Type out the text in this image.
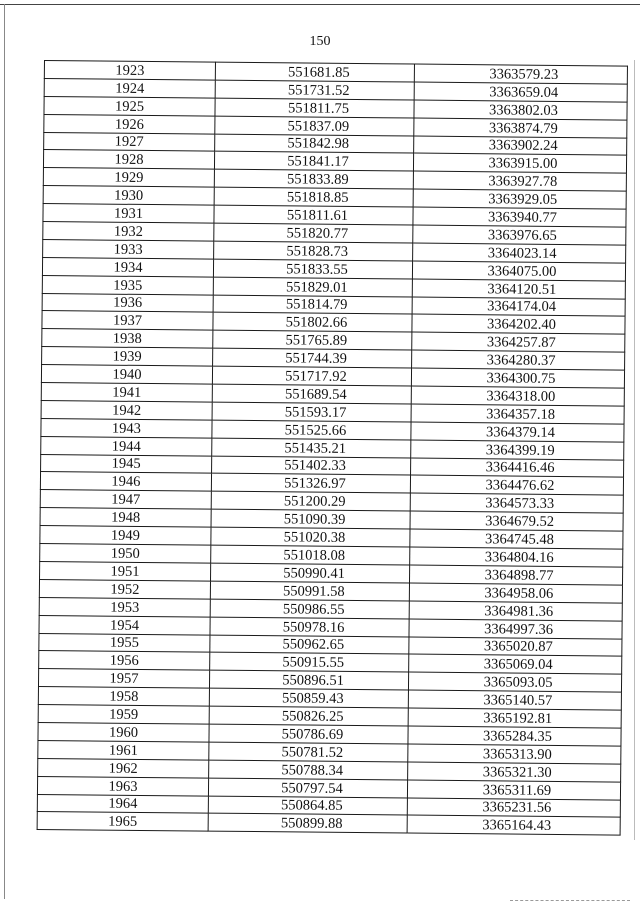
150
1923	551681.85	3363579.23
1924	551731.52	3363659.04
1925	551811.75	3363802.03
1926	551837.09	3363874.79
1927	551842.98	3363902.24
1928	551841.17	3363915.00
1929	551833.89	3363927.78
1930	551818.85	3363929.05
1931	551811.61	3363940.77
1932	551820.77	3363976.65
1933	551828.73	3364023.14
1934	551833.55	3364075.00
1935	551829.01	3364120.51
1936	551814.79	3364174.04
1937	551802.66	3364202.40
1938	551765.89	3364257.87
1939	551744.39	3364280.37
1940	551717.92	3364300.75
1941	551689.54	3364318.00
1942	551593.17	3364357.18
1943	551525.66	3364379.14
1944	551435.21	3364399.19
1945	551402.33	3364416.46
1946	551326.97	3364476.62
1947	551200.29	3364573.33
1948	551090.39	3364679.52
1949	551020.38	3364745.48
1950	551018.08	3364804.16
1951	550990.41	3364898.77
1952	550991.58	3364958.06
1953	550986.55	3364981.36
1954	550978.16	3364997.36
1955	550962.65	3365020.87
1956	550915.55	3365069.04
1957	550896.51	3365093.05
1958	550859.43	3365140.57
1959	550826.25	3365192.81
1960	550786.69	3365284.35
1961	550781.52	3365313.90
1962	550788.34	3365321.30
1963	550797.54	3365311.69
1964	550864.85	3365231.56
1965	550899.88	3365164.43
